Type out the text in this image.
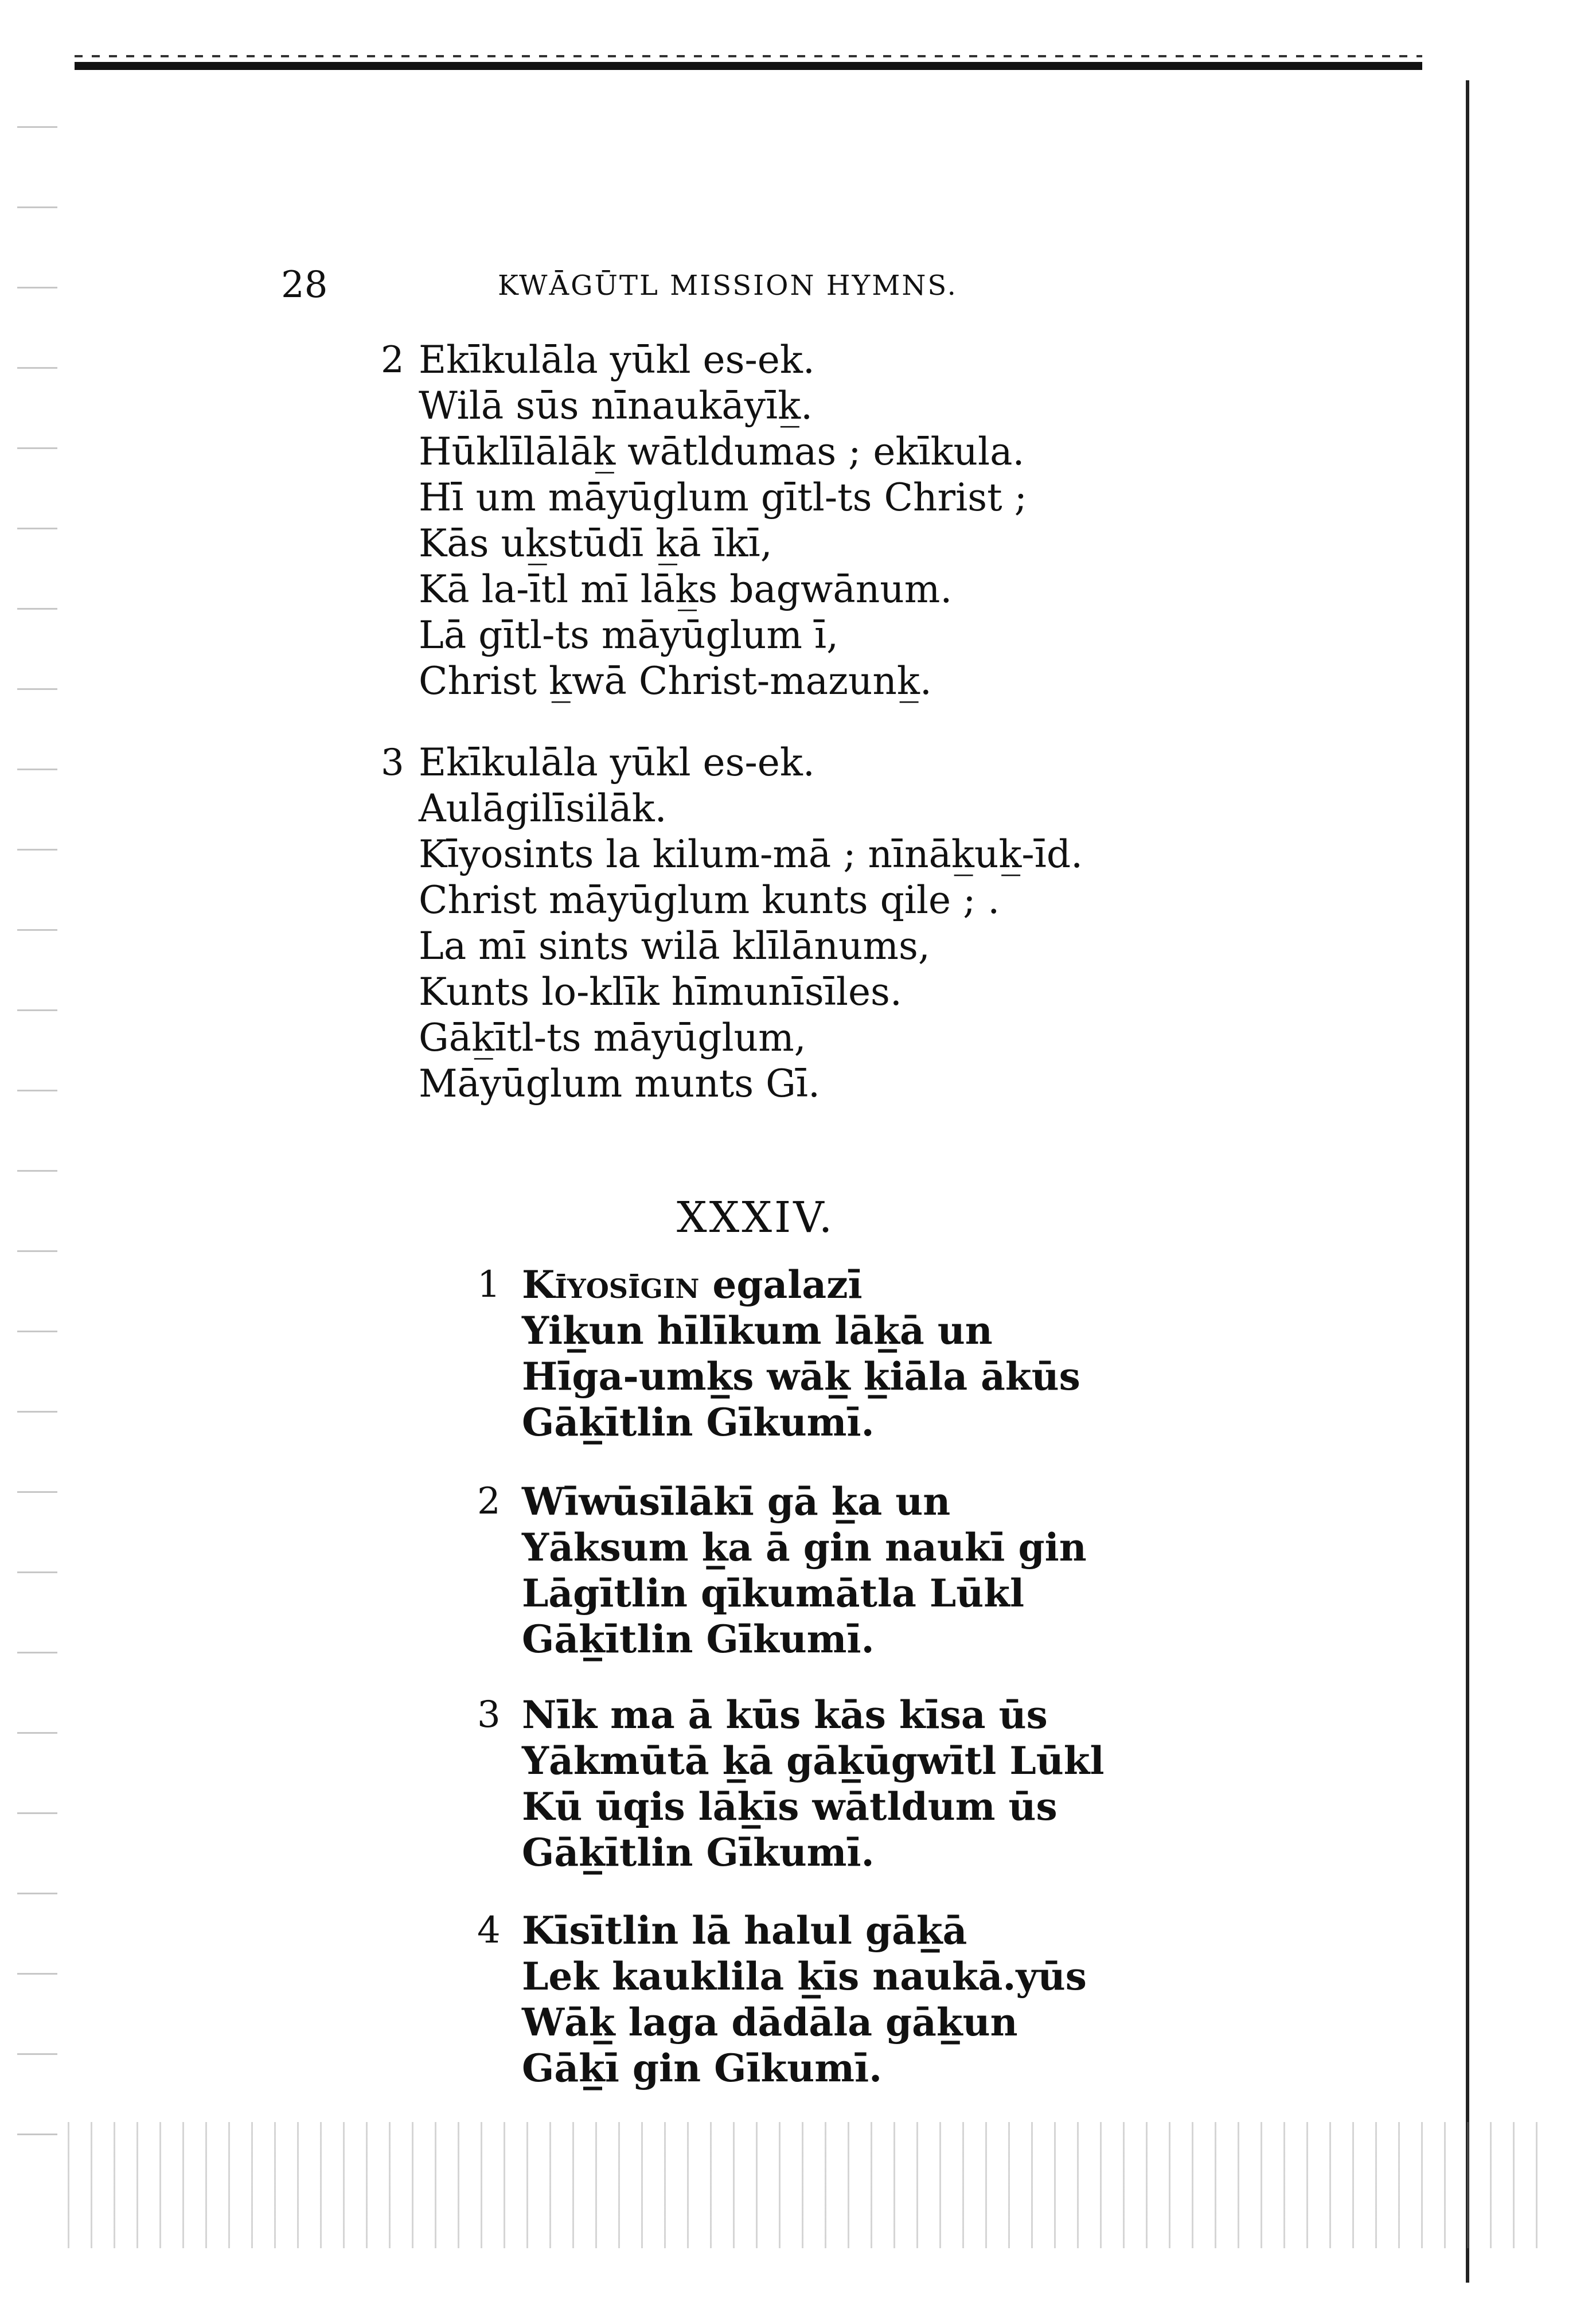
28	KWĀGŪTL MISSION HYMNS.
2 Ekīkulāla yūkl es-ek.
Wilā sūs nīnaukāyīk̲.
Hūklīlālāk̲ wātldumas ; ekīkula.
Hī um māyūglum gītl-ts Christ ;
Kās uk̲stūdī k̲ā īkī,
Kā la-ītl mī lāk̲s bagwānum.
Lā gītl-ts māyūglum ī,
Christ k̲wā Christ-mazunk̲.
3 Ekīkulāla yūkl es-ek.
Aulāgilīsilāk.
Kīyosints la kilum-mā ; nīnāk̲uk̲-īd.
Christ māyūglum kunts qile ; .
La mī sints wilā klīlānums,
Kunts lo-klīk hīmunīsīles.
Gāk̲ītl-ts māyūglum,
Māyūglum munts Gī.
XXXIV.
1 Kīyosīgin egalazī
Yik̲un hīlīkum lāk̲ā un
Hīga-umk̲s wāk̲ k̲iāla ākūs
Gāk̲ītlin Gīkumī.
2 Wīwūsīlākī gā k̲a un
Yāksum k̲a ā gin naukī gin
Lāgītlin qīkumātla Lūkl
Gāk̲ītlin Gīkumī.
3 Nīk ma ā kūs kās kīsa ūs
Yākmūtā k̲ā gāk̲ūgwītl Lūkl
Kū ūqis lāk̲īs wātldum ūs
Gāk̲ītlin Gīkumī.
4 Kīsītlin lā halul gāk̲ā
Lek kauklila k̲īs naukā.yūs
Wāk̲ laga dādāla gāk̲un
Gāk̲ī gin Gīkumī.
